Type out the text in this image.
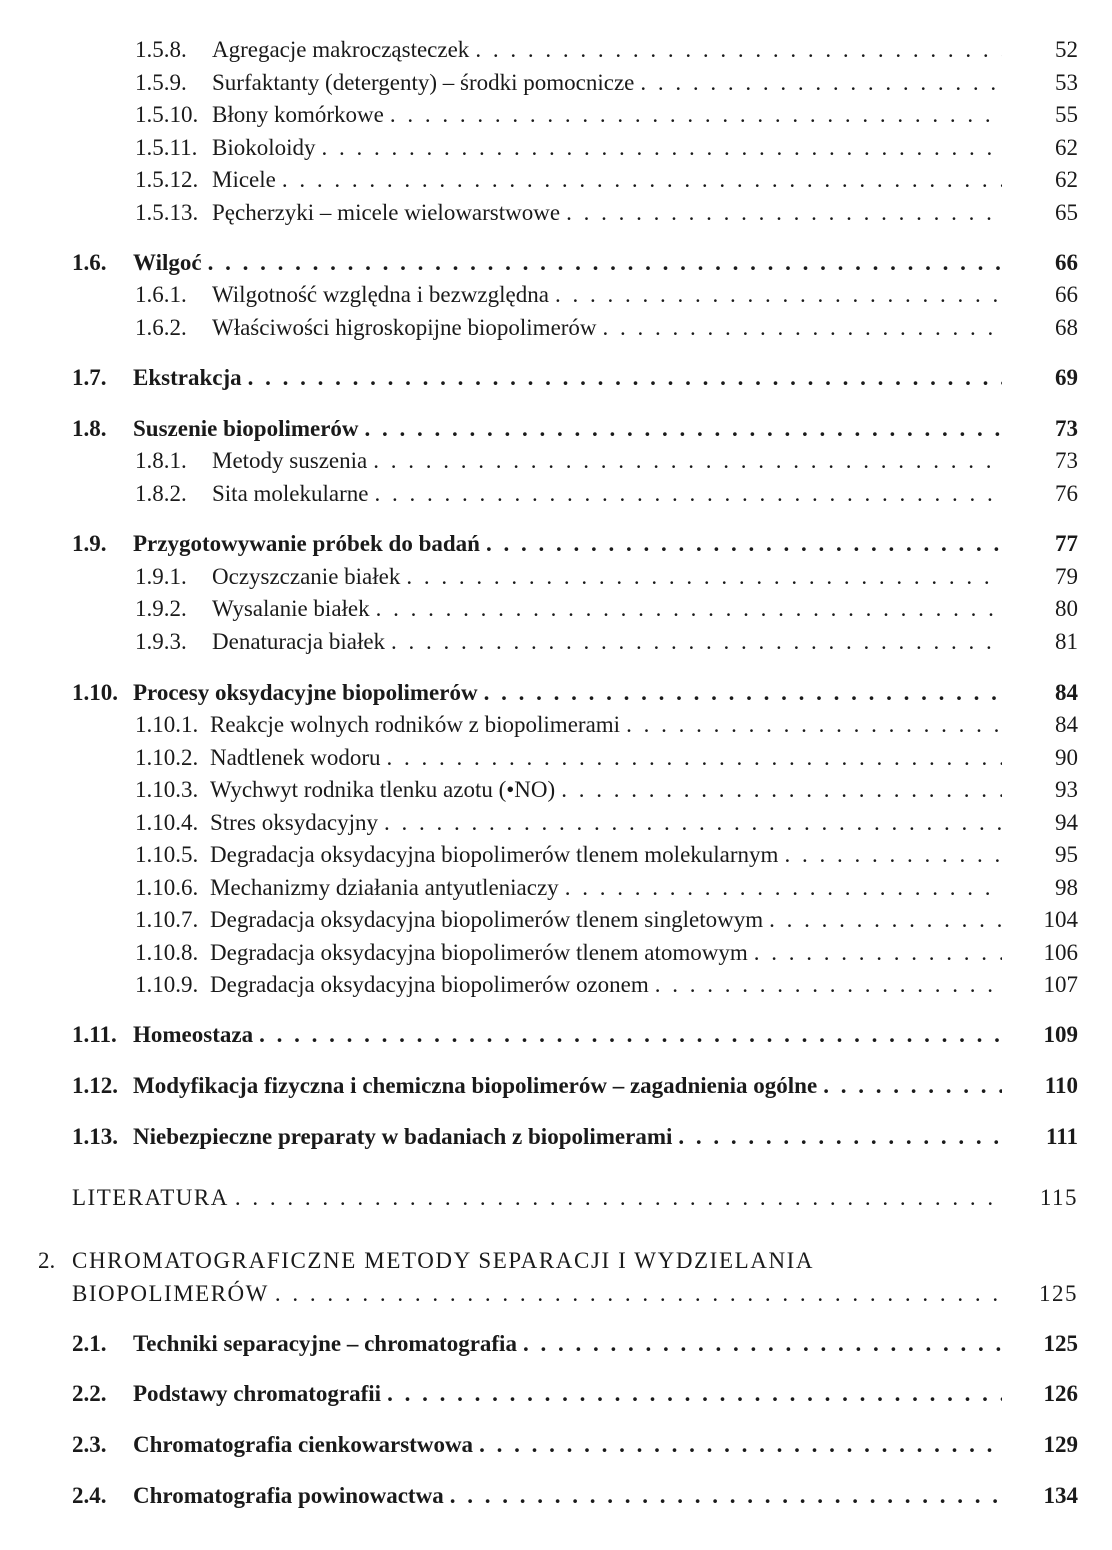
1.5.8. Agregacje makrocząsteczek . . .	52
1.5.9. Surfaktanty (detergenty) – środki pomocnicze . . .	53
1.5.10. Błony komórkowe . . .	55
1.5.11. Biokoloidy . . .	62
1.5.12. Micele . . .	62
1.5.13. Pęcherzyki – micele wielowarstwowe . . .	65
1.6. Wilgoć . . .	66
1.6.1. Wilgotność względna i bezwzględna . . .	66
1.6.2. Właściwości higroskopijne biopolimerów . . .	68
1.7. Ekstrakcja . . .	69
1.8. Suszenie biopolimerów . . .	73
1.8.1. Metody suszenia . . .	73
1.8.2. Sita molekularne . . .	76
1.9. Przygotowywanie próbek do badań . . .	77
1.9.1. Oczyszczanie białek . . .	79
1.9.2. Wysalanie białek . . .	80
1.9.3. Denaturacja białek . . .	81
1.10. Procesy oksydacyjne biopolimerów . . .	84
1.10.1. Reakcje wolnych rodników z biopolimerami . . .	84
1.10.2. Nadtlenek wodoru . . .	90
1.10.3. Wychwyt rodnika tlenku azotu (•NO) . . .	93
1.10.4. Stres oksydacyjny . . .	94
1.10.5. Degradacja oksydacyjna biopolimerów tlenem molekularnym . . .	95
1.10.6. Mechanizmy działania antyutleniaczy . . .	98
1.10.7. Degradacja oksydacyjna biopolimerów tlenem singletowym . . .	104
1.10.8. Degradacja oksydacyjna biopolimerów tlenem atomowym . . .	106
1.10.9. Degradacja oksydacyjna biopolimerów ozonem . . .	107
1.11. Homeostaza . . .	109
1.12. Modyfikacja fizyczna i chemiczna biopolimerów – zagadnienia ogólne . . .	110
1.13. Niebezpieczne preparaty w badaniach z biopolimerami . . .	111
LITERATURA . . .	115
2. CHROMATOGRAFICZNE METODY SEPARACJI I WYDZIELANIA
BIOPOLIMERÓW . . .	125
2.1. Techniki separacyjne – chromatografia . . .	125
2.2. Podstawy chromatografii . . .	126
2.3. Chromatografia cienkowarstwowa . . .	129
2.4. Chromatografia powinowactwa . . .	134
